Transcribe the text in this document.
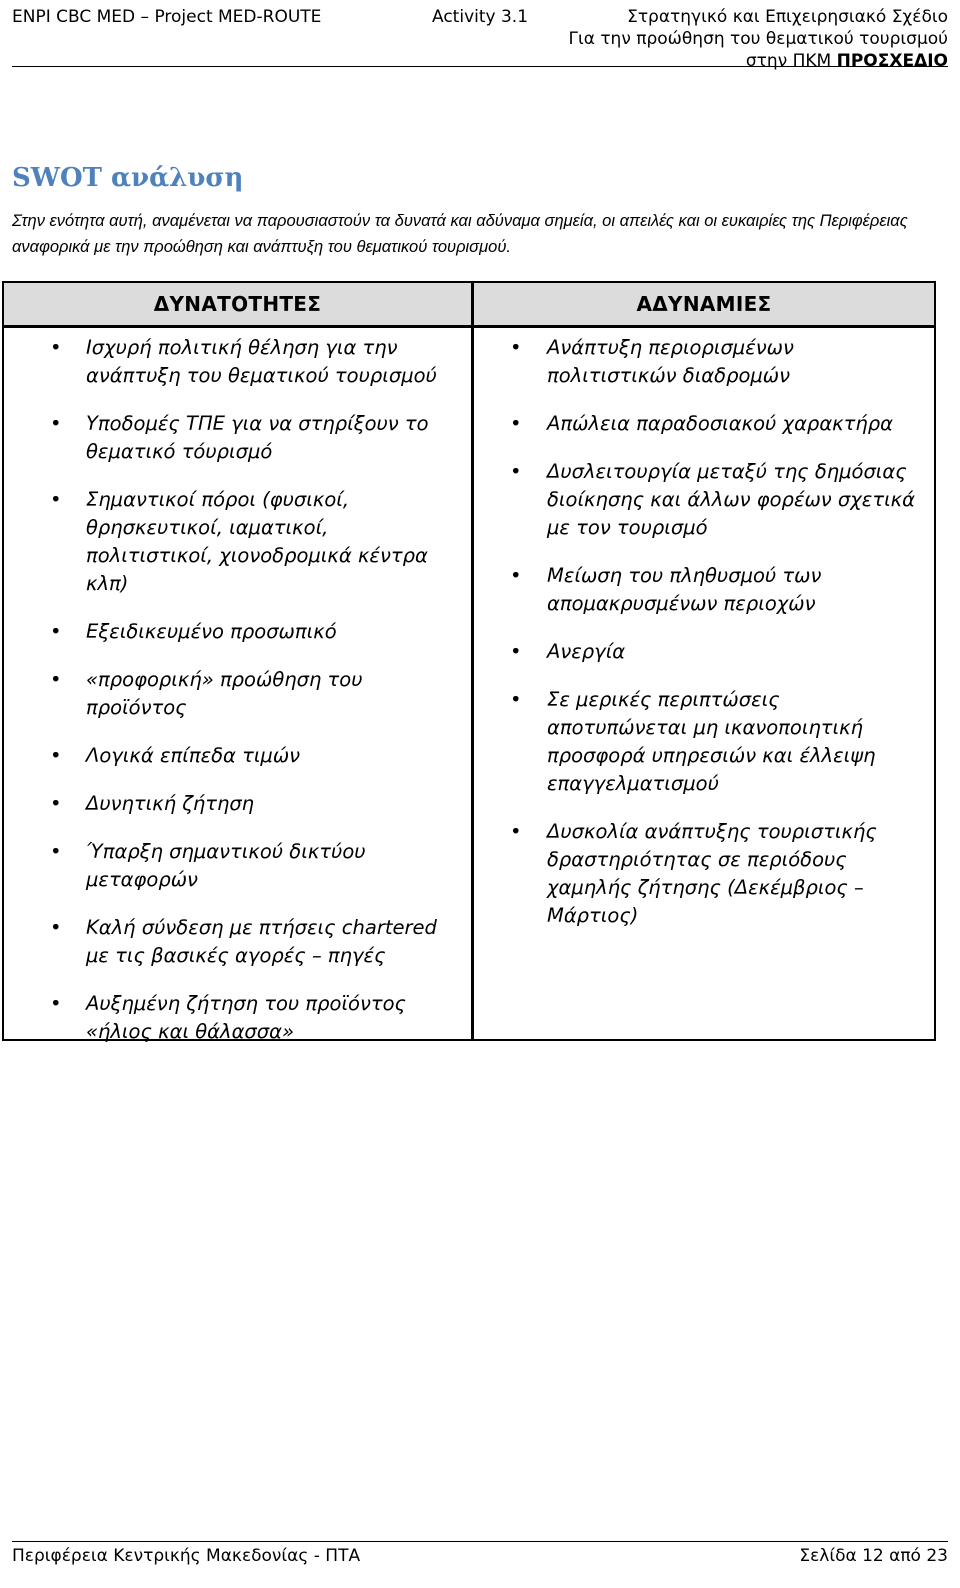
ENPI CBC MED – Project MED-ROUTE	Activity 3.1	Στρατηγικό και Επιχειρησιακό Σχέδιο
Για την προώθηση του θεματικού τουρισμού
στην ΠΚΜ ΠΡΟΣΧΕΔΙΟ
SWOT ανάλυση

Στην ενότητα αυτή, αναμένεται να παρουσιαστούν τα δυνατά και αδύναμα σημεία, οι απειλές και οι ευκαιρίες της Περιφέρειας αναφορικά με την προώθηση και ανάπτυξη του θεματικού τουρισμού.

ΔΥΝΑΤΟΤΗΤΕΣ
• Ισχυρή πολιτική θέληση για την ανάπτυξη του θεματικού τουρισμού
• Υποδομές ΤΠΕ για να στηρίξουν το θεματικό τόυρισμό
• Σημαντικοί πόροι (φυσικοί, θρησκευτικοί, ιαματικοί, πολιτιστικοί, χιονοδρομικά κέντρα κλπ)
• Εξειδικευμένο προσωπικό
• «προφορική» προώθηση του προϊόντος
• Λογικά επίπεδα τιμών
• Δυνητική ζήτηση
• Ύπαρξη σημαντικού δικτύου μεταφορών
• Καλή σύνδεση με πτήσεις chartered με τις βασικές αγορές – πηγές
• Αυξημένη ζήτηση του προϊόντος «ήλιος και θάλασσα»
ΑΔΥΝΑΜΙΕΣ
• Ανάπτυξη περιορισμένων πολιτιστικών διαδρομών
• Απώλεια παραδοσιακού χαρακτήρα
• Δυσλειτουργία μεταξύ της δημόσιας διοίκησης και άλλων φορέων σχετικά με τον τουρισμό
• Μείωση του πληθυσμού των απομακρυσμένων περιοχών
• Ανεργία
• Σε μερικές περιπτώσεις αποτυπώνεται μη ικανοποιητική προσφορά υπηρεσιών και έλλειψη επαγγελματισμού
• Δυσκολία ανάπτυξης τουριστικής δραστηριότητας σε περιόδους χαμηλής ζήτησης (Δεκέμβριος – Μάρτιος)
Περιφέρεια Κεντρικής Μακεδονίας - ΠΤΑ	Σελίδα 12 από 23
